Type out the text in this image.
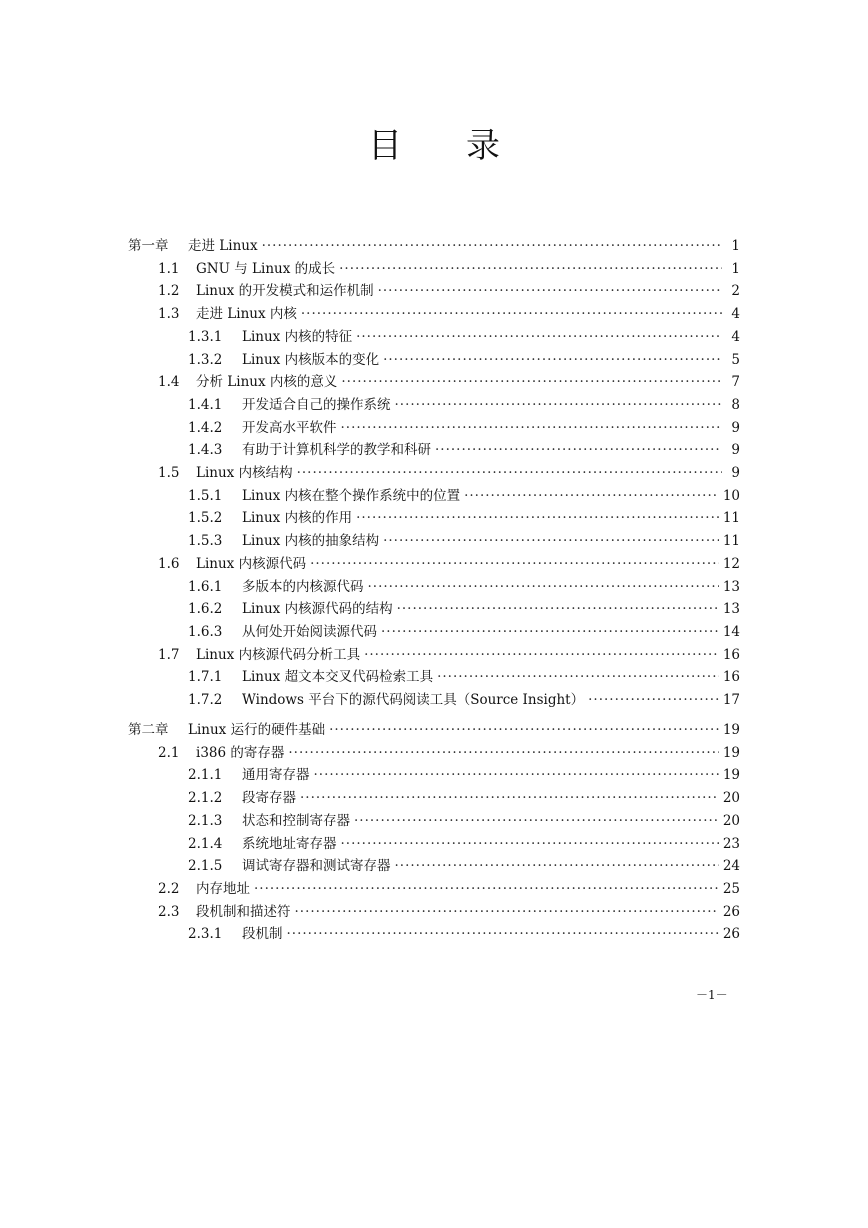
目 录
第一章	走进 Linux ·····	1
1.1	GNU 与 Linux 的成长 ·····	1
1.2	Linux 的开发模式和运作机制 ·····	2
1.3	走进 Linux 内核 ·····	4
1.3.1	Linux 内核的特征 ·····	4
1.3.2	Linux 内核版本的变化 ·····	5
1.4	分析 Linux 内核的意义 ·····	7
1.4.1	开发适合自己的操作系统 ·····	8
1.4.2	开发高水平软件 ·····	9
1.4.3	有助于计算机科学的教学和科研 ·····	9
1.5	Linux 内核结构 ·····	9
1.5.1	Linux 内核在整个操作系统中的位置 ·····	10
1.5.2	Linux 内核的作用 ·····	11
1.5.3	Linux 内核的抽象结构 ·····	11
1.6	Linux 内核源代码 ·····	12
1.6.1	多版本的内核源代码 ·····	13
1.6.2	Linux 内核源代码的结构 ·····	13
1.6.3	从何处开始阅读源代码 ·····	14
1.7	Linux 内核源代码分析工具 ·····	16
1.7.1	Linux 超文本交叉代码检索工具 ·····	16
1.7.2	Windows 平台下的源代码阅读工具（Source Insight） ·····	17
第二章	Linux 运行的硬件基础 ·····	19
2.1	i386 的寄存器 ·····	19
2.1.1	通用寄存器 ·····	19
2.1.2	段寄存器 ·····	20
2.1.3	状态和控制寄存器 ·····	20
2.1.4	系统地址寄存器 ·····	23
2.1.5	调试寄存器和测试寄存器 ·····	24
2.2	内存地址 ·····	25
2.3	段机制和描述符 ·····	26
2.3.1	段机制 ·····	26
－1－
